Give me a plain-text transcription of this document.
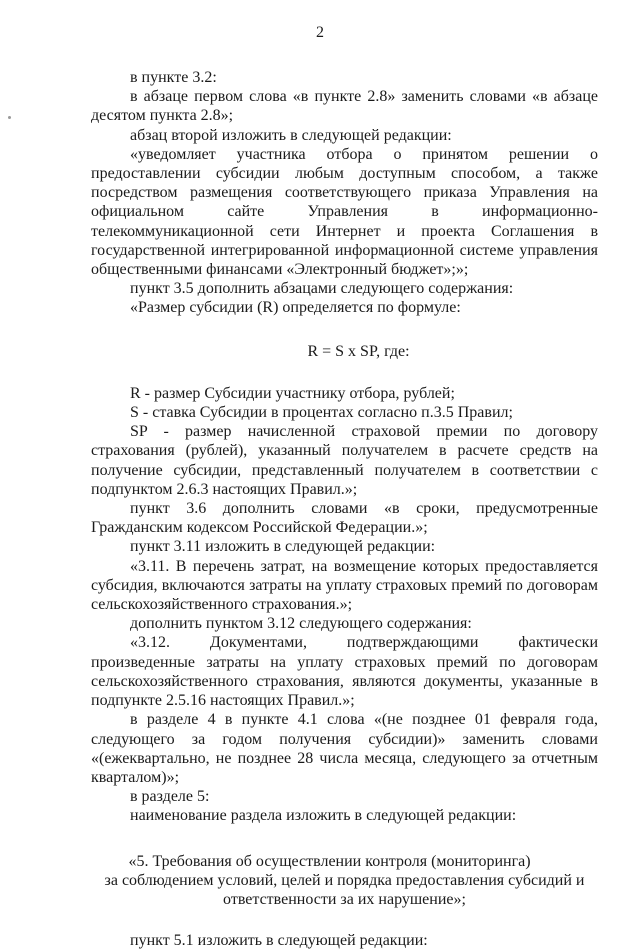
2

в пункте 3.2:

в абзаце первом слова «в пункте 2.8» заменить словами «в абзаце десятом пункта 2.8»;

абзац второй изложить в следующей редакции:

«уведомляет участника отбора о принятом решении о предоставлении субсидии любым доступным способом, а также посредством размещения соответствующего приказа Управления на официальном сайте Управления в информационно-телекоммуникационной сети Интернет и проекта Соглашения в государственной интегрированной информационной системе управления общественными финансами «Электронный бюджет»;»;

пункт 3.5 дополнить абзацами следующего содержания:

«Размер субсидии (R) определяется по формуле:

R = S x SP, где:

R - размер Субсидии участнику отбора, рублей;

S - ставка Субсидии в процентах согласно п.3.5 Правил;

SP - размер начисленной страховой премии по договору страхования (рублей), указанный получателем в расчете средств на получение субсидии, представленный получателем в соответствии с подпунктом 2.6.3 настоящих Правил.»;

пункт 3.6 дополнить словами «в сроки, предусмотренные Гражданским кодексом Российской Федерации.»;

пункт 3.11 изложить в следующей редакции:

«3.11. В перечень затрат, на возмещение которых предоставляется субсидия, включаются затраты на уплату страховых премий по договорам сельскохозяйственного страхования.»;

дополнить пунктом 3.12 следующего содержания:

«3.12. Документами, подтверждающими фактически произведенные затраты на уплату страховых премий по договорам сельскохозяйственного страхования, являются документы, указанные в подпункте 2.5.16 настоящих Правил.»;

в разделе 4 в пункте 4.1 слова «(не позднее 01 февраля года, следующего за годом получения субсидии)» заменить словами «(ежеквартально, не позднее 28 числа месяца, следующего за отчетным кварталом)»;

в разделе 5:

наименование раздела изложить в следующей редакции:

«5. Требования об осуществлении контроля (мониторинга)

за соблюдением условий, целей и порядка предоставления субсидий и

ответственности за их нарушение»;

пункт 5.1 изложить в следующей редакции:
